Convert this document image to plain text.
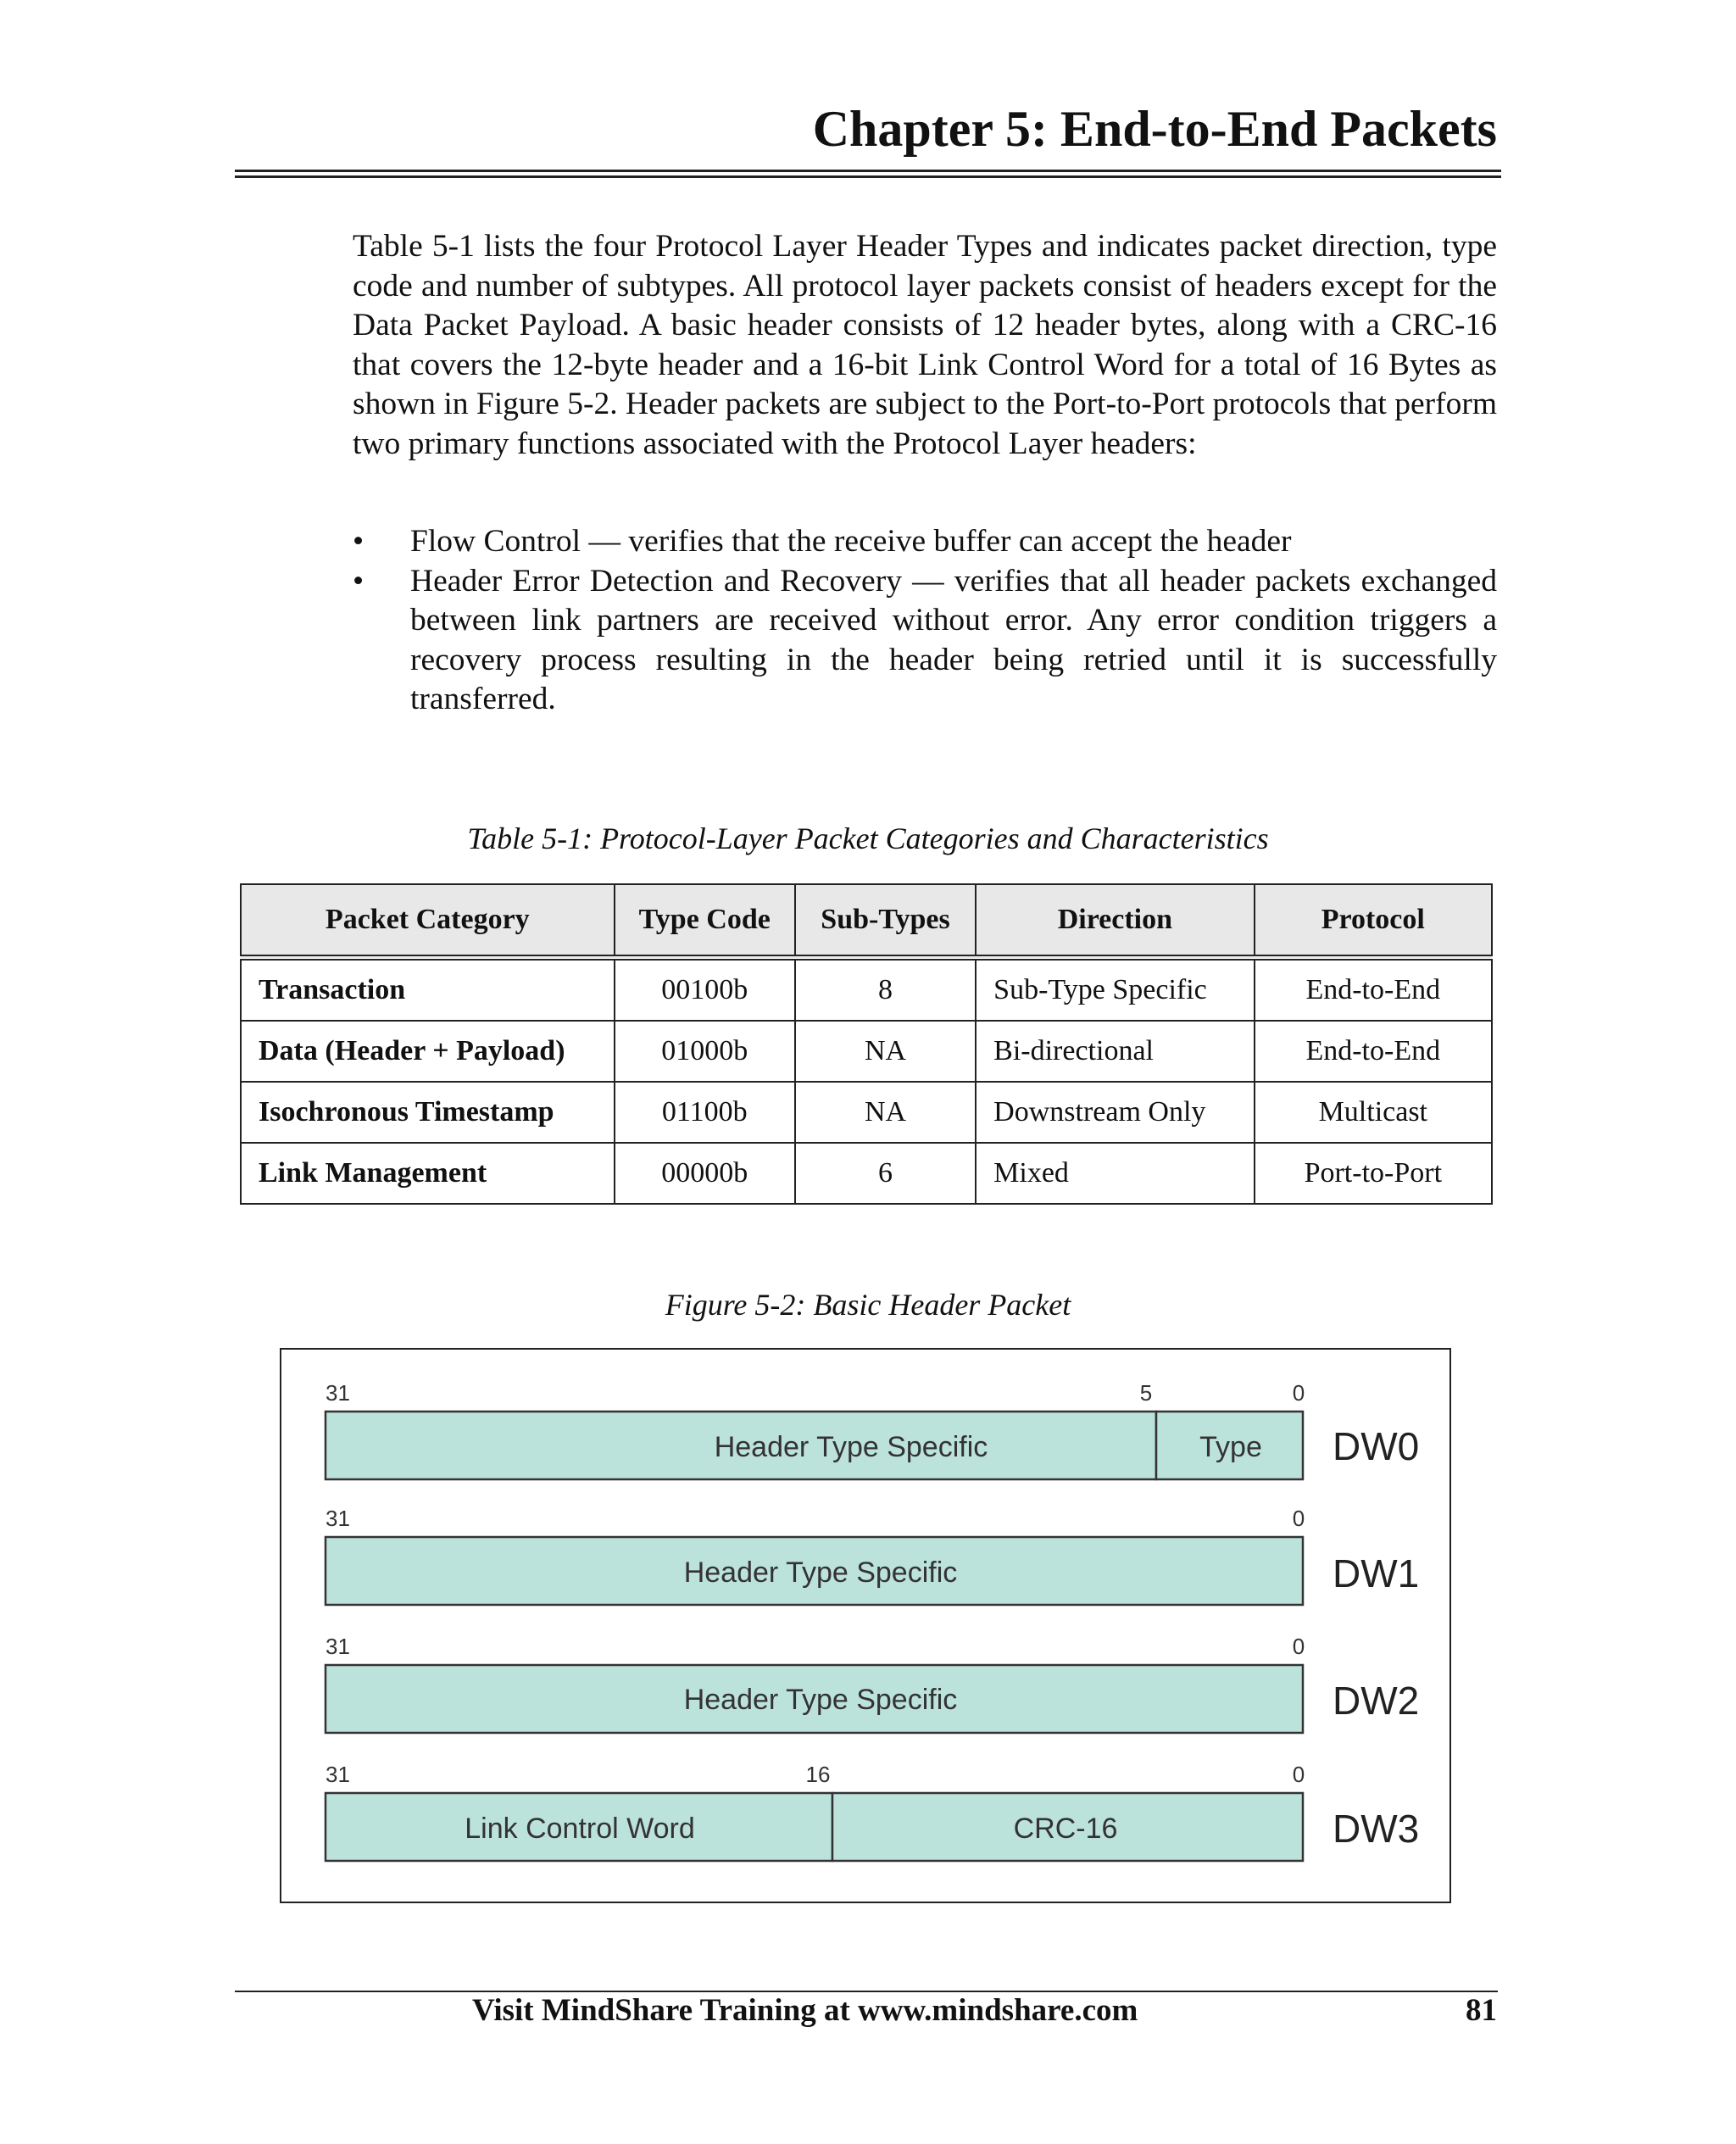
Chapter 5: End-to-End Packets

Table 5-1 lists the four Protocol Layer Header Types and indicates packet direction, type code and number of subtypes. All protocol layer packets consist of headers except for the Data Packet Payload. A basic header consists of 12 header bytes, along with a CRC-16 that covers the 12-byte header and a 16-bit Link Control Word for a total of 16 Bytes as shown in Figure 5-2. Header packets are subject to the Port-to-Port protocols that perform two primary functions associated with the Protocol Layer headers:

• Flow Control — verifies that the receive buffer can accept the header
• Header Error Detection and Recovery — verifies that all header packets exchanged between link partners are received without error. Any error condition triggers a recovery process resulting in the header being retried until it is successfully transferred.

Table 5-1: Protocol-Layer Packet Categories and Characteristics

Packet Category	Type Code	Sub-Types	Direction	Protocol
Transaction	00100b	8	Sub-Type Specific	End-to-End
Data (Header + Payload)	01000b	NA	Bi-directional	End-to-End
Isochronous Timestamp	01100b	NA	Downstream Only	Multicast
Link Management	00000b	6	Mixed	Port-to-Port

Figure 5-2: Basic Header Packet

31	5	0
31	0
31	0
31	16	0
Header Type Specific	Type
Header Type Specific
Header Type Specific
Link Control Word	CRC-16
DW0
DW1
DW2
DW3

Visit MindShare Training at www.mindshare.com	81
